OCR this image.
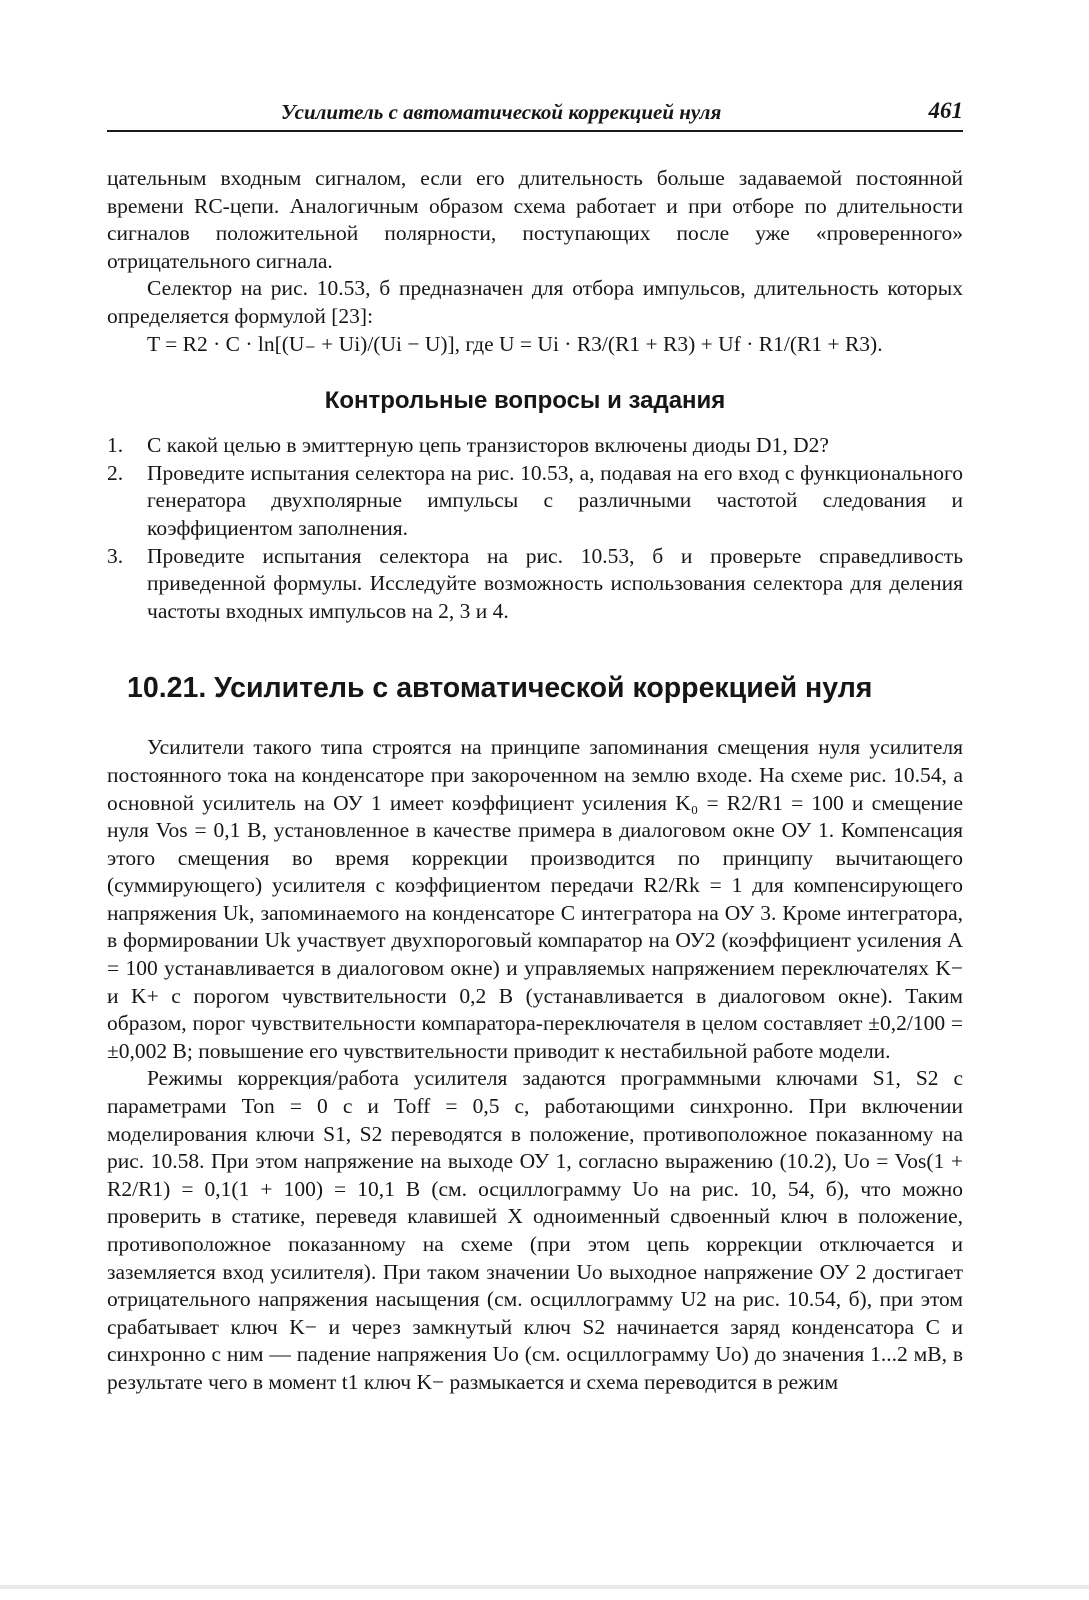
Усилитель с автоматической коррекцией нуля	461

цательным входным сигналом, если его длительность больше задаваемой постоянной времени RC-цепи. Аналогичным образом схема работает и при отборе по длительности сигналов положительной полярности, поступающих после уже «проверенного» отрицательного сигнала.

Селектор на рис. 10.53, б предназначен для отбора импульсов, длительность которых определяется формулой [23]:

T = R2 · C · ln[(U₋ + Ui)/(Ui − U)], где U = Ui · R3/(R1 + R3) + Uf · R1/(R1 + R3).
Контрольные вопросы и задания
1.	С какой целью в эмиттерную цепь транзисторов включены диоды D1, D2?
2.	Проведите испытания селектора на рис. 10.53, а, подавая на его вход с функционального генератора двухполярные импульсы с различными частотой следования и коэффициентом заполнения.
3.	Проведите испытания селектора на рис. 10.53, б и проверьте справедливость приведенной формулы. Исследуйте возможность использования селектора для деления частоты входных импульсов на 2, 3 и 4.
10.21. Усилитель с автоматической коррекцией нуля

Усилители такого типа строятся на принципе запоминания смещения нуля усилителя постоянного тока на конденсаторе при закороченном на землю входе. На схеме рис. 10.54, а основной усилитель на ОУ 1 имеет коэффициент усиления K₀ = R2/R1 = 100 и смещение нуля Vos = 0,1 В, установленное в качестве примера в диалоговом окне ОУ 1. Компенсация этого смещения во время коррекции производится по принципу вычитающего (суммирующего) усилителя с коэффициентом передачи R2/Rk = 1 для компенсирующего напряжения Uk, запоминаемого на конденсаторе C интегратора на ОУ 3. Кроме интегратора, в формировании Uk участвует двухпороговый компаратор на ОУ2 (коэффициент усиления A = 100 устанавливается в диалоговом окне) и управляемых напряжением переключателях K− и K+ с порогом чувствительности 0,2 В (устанавливается в диалоговом окне). Таким образом, порог чувствительности компаратора-переключателя в целом составляет ±0,2/100 = ±0,002 В; повышение его чувствительности приводит к нестабильной работе модели.

Режимы коррекция/работа усилителя задаются программными ключами S1, S2 с параметрами Ton = 0 с и Toff = 0,5 с, работающими синхронно. При включении моделирования ключи S1, S2 переводятся в положение, противоположное показанному на рис. 10.58. При этом напряжение на выходе ОУ 1, согласно выражению (10.2), Uo = Vos(1 + R2/R1) = 0,1(1 + 100) = 10,1 В (см. осциллограмму Uo на рис. 10, 54, б), что можно проверить в статике, переведя клавишей X одноименный сдвоенный ключ в положение, противоположное показанному на схеме (при этом цепь коррекции отключается и заземляется вход усилителя). При таком значении Uo выходное напряжение ОУ 2 достигает отрицательного напряжения насыщения (см. осциллограмму U2 на рис. 10.54, б), при этом срабатывает ключ K− и через замкнутый ключ S2 начинается заряд конденсатора C и синхронно с ним — падение напряжения Uo (см. осциллограмму Uo) до значения 1...2 мВ, в результате чего в момент t1 ключ K− размыкается и схема переводится в режим
